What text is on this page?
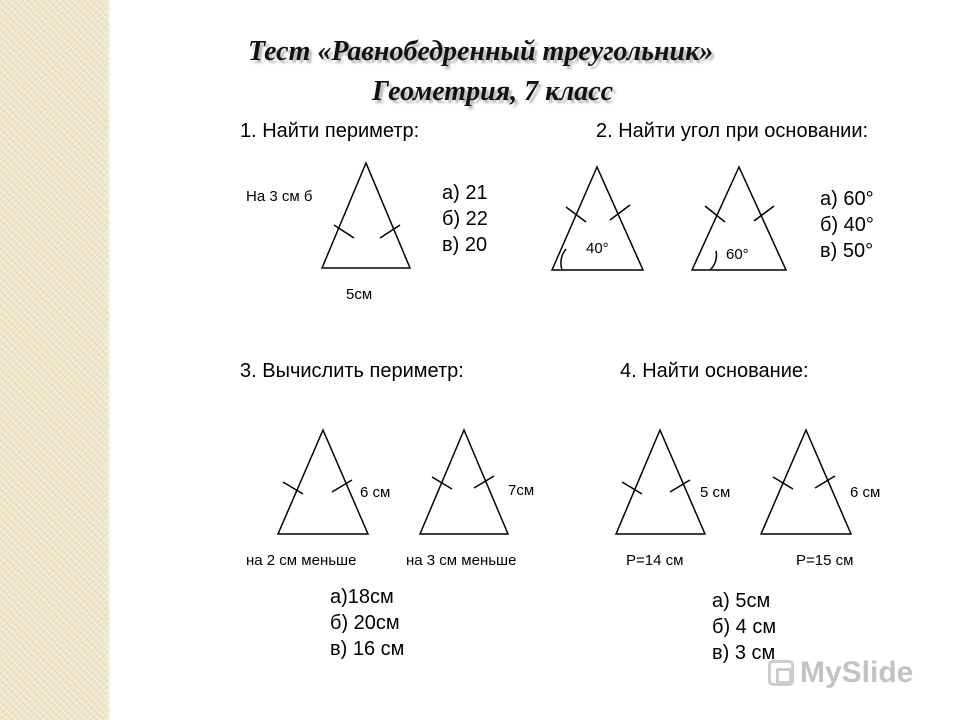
Тест «Равнобедренный треугольник»
Геометрия, 7 класс
1. Найти периметр:
На 3 см б
5см
а) 21
б) 22
в) 20
2. Найти угол при основании:
40°	60°
а) 60°
б) 40°
в) 50°
3. Вычислить периметр:
6 см
на 2 см меньше
7см
на 3 см меньше
а)18см
б) 20см
в) 16 см
4. Найти основание:
5 см
P=14 см
6 см
P=15 см
а) 5см
б) 4 см
в) 3 см
MySlide
